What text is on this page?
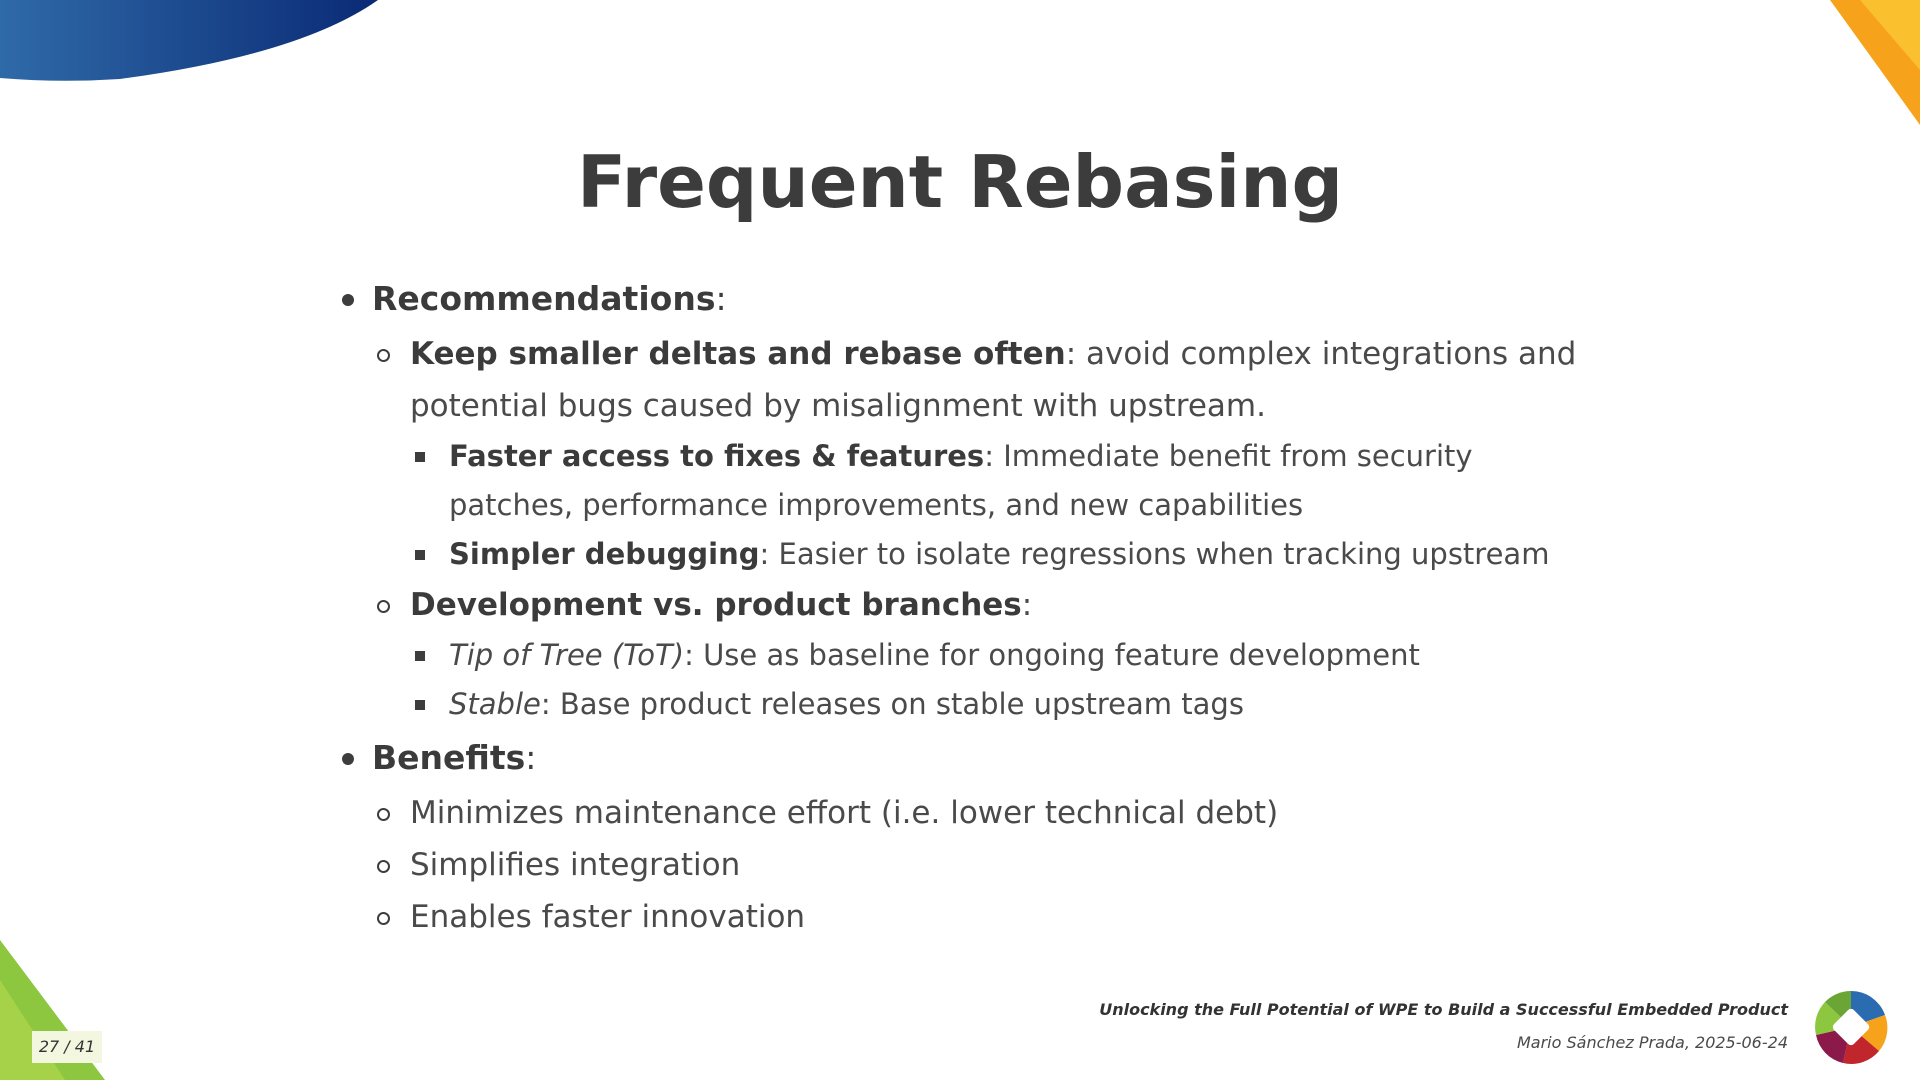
Frequent Rebasing
Recommendations:
Keep smaller deltas and rebase often: avoid complex integrations and potential bugs caused by misalignment with upstream.
Faster access to fixes & features: Immediate benefit from security patches, performance improvements, and new capabilities
Simpler debugging: Easier to isolate regressions when tracking upstream
Development vs. product branches:
Tip of Tree (ToT): Use as baseline for ongoing feature development
Stable: Base product releases on stable upstream tags
Benefits:
Minimizes maintenance effort (i.e. lower technical debt)
Simplifies integration
Enables faster innovation
Unlocking the Full Potential of WPE to Build a Successful Embedded Product
Mario Sánchez Prada, 2025-06-24
27 / 41
